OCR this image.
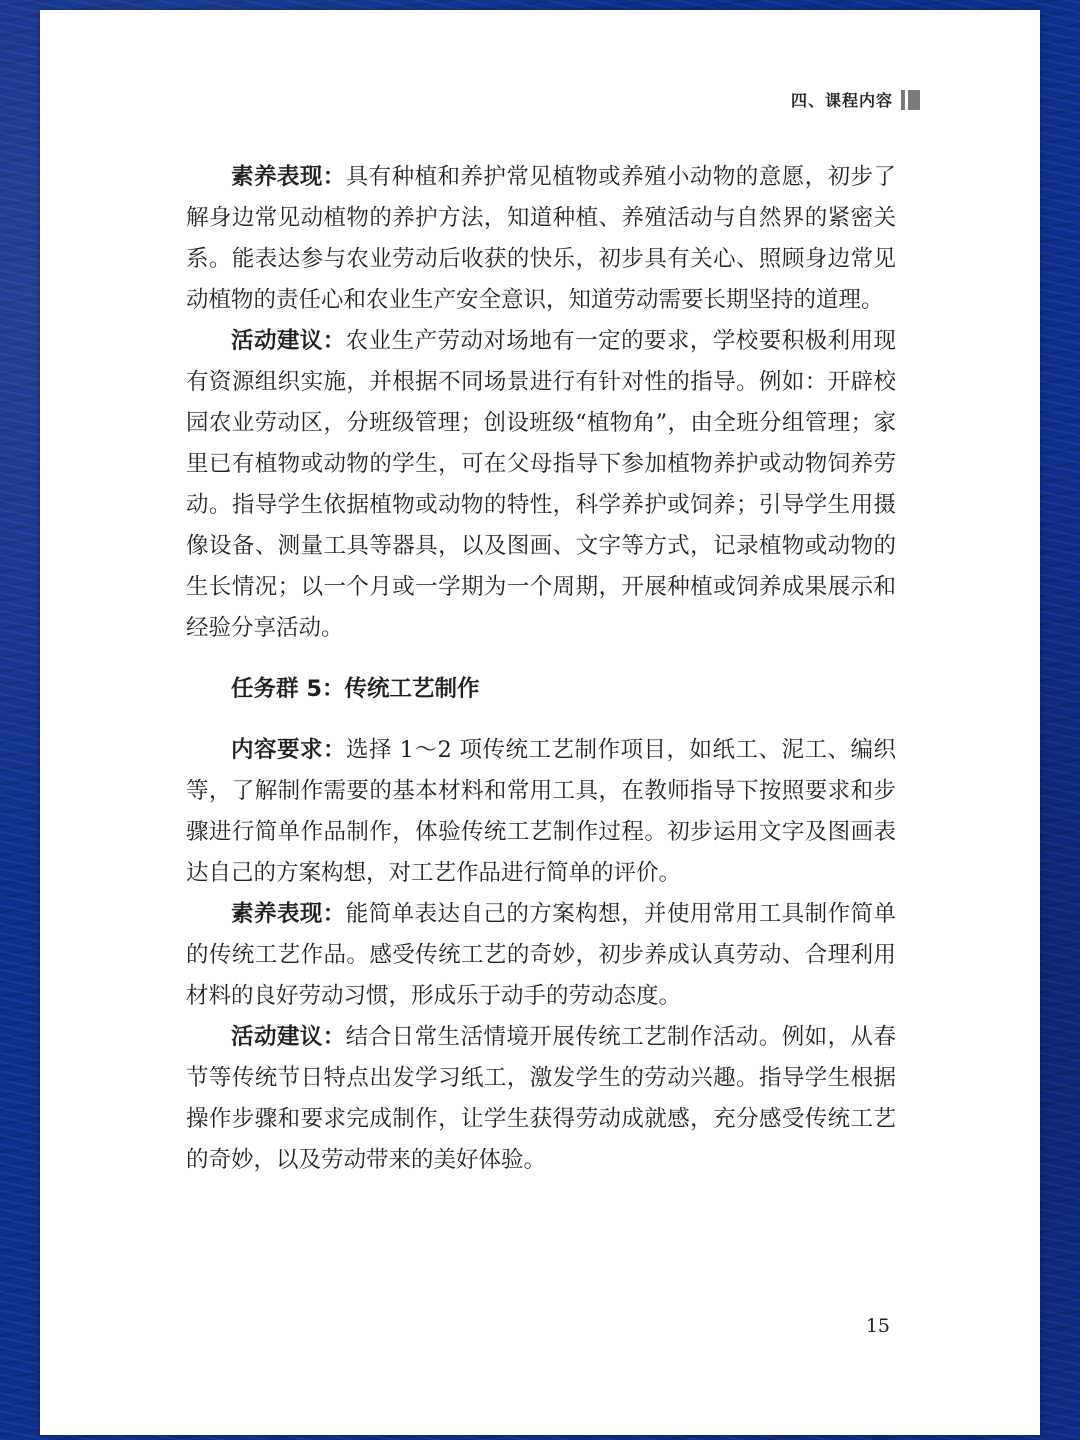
四、课程内容

素养表现：具有种植和养护常见植物或养殖小动物的意愿，初步了解身边常见动植物的养护方法，知道种植、养殖活动与自然界的紧密关系。能表达参与农业劳动后收获的快乐，初步具有关心、照顾身边常见动植物的责任心和农业生产安全意识，知道劳动需要长期坚持的道理。

活动建议：农业生产劳动对场地有一定的要求，学校要积极利用现有资源组织实施，并根据不同场景进行有针对性的指导。例如：开辟校园农业劳动区，分班级管理；创设班级“植物角”，由全班分组管理；家里已有植物或动物的学生，可在父母指导下参加植物养护或动物饲养劳动。指导学生依据植物或动物的特性，科学养护或饲养；引导学生用摄像设备、测量工具等器具，以及图画、文字等方式，记录植物或动物的生长情况；以一个月或一学期为一个周期，开展种植或饲养成果展示和经验分享活动。

任务群 5：传统工艺制作

内容要求：选择 1～2 项传统工艺制作项目，如纸工、泥工、编织等，了解制作需要的基本材料和常用工具，在教师指导下按照要求和步骤进行简单作品制作，体验传统工艺制作过程。初步运用文字及图画表达自己的方案构想，对工艺作品进行简单的评价。

素养表现：能简单表达自己的方案构想，并使用常用工具制作简单的传统工艺作品。感受传统工艺的奇妙，初步养成认真劳动、合理利用材料的良好劳动习惯，形成乐于动手的劳动态度。

活动建议：结合日常生活情境开展传统工艺制作活动。例如，从春节等传统节日特点出发学习纸工，激发学生的劳动兴趣。指导学生根据操作步骤和要求完成制作，让学生获得劳动成就感，充分感受传统工艺的奇妙，以及劳动带来的美好体验。

15
